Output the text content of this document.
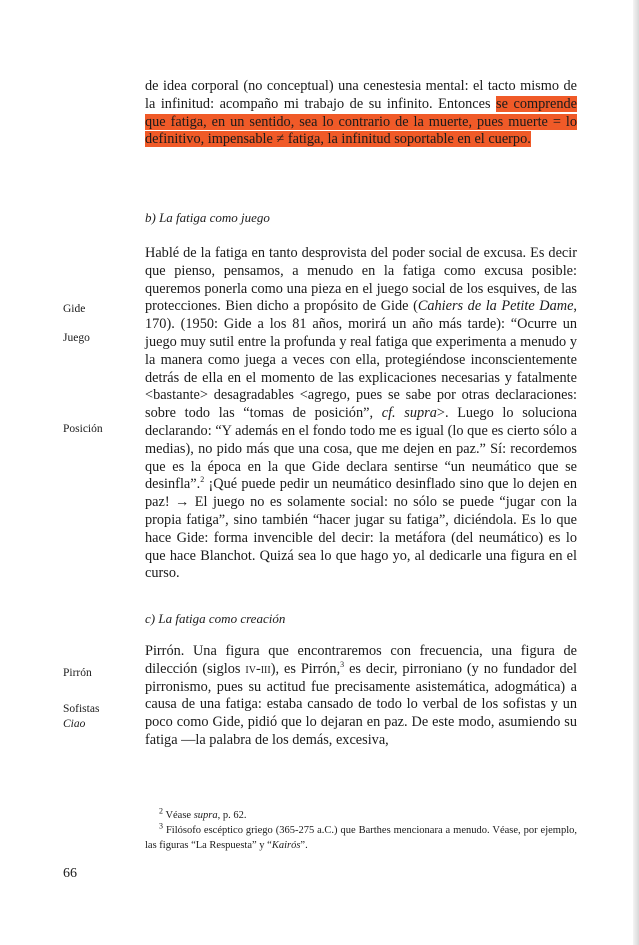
de idea corporal (no conceptual) una cenestesia mental: el tacto mismo de la infinitud: acompaño mi trabajo de su infinito. Entonces se comprende que fatiga, en un sentido, sea lo contrario de la muerte, pues muerte = lo definitivo, impensable ≠ fatiga, la infinitud soportable en el cuerpo.

b) La fatiga como juego

Hablé de la fatiga en tanto desprovista del poder social de excusa. Es decir que pienso, pensamos, a menudo en la fatiga como excusa posible: queremos ponerla como una pieza en el juego social de los esquives, de las protecciones. Bien dicho a propósito de Gide (Cahiers de la Petite Dame, 170). (1950: Gide a los 81 años, morirá un año más tarde): “Ocurre un juego muy sutil entre la profunda y real fatiga que experimenta a menudo y la manera como juega a veces con ella, protegiéndose inconscientemente detrás de ella en el momento de las explicaciones necesarias y fatalmente <bastante> desagradables <agrego, pues se sabe por otras declaraciones: sobre todo las “tomas de posición”, cf. supra>. Luego lo soluciona declarando: “Y además en el fondo todo me es igual (lo que es cierto sólo a medias), no pido más que una cosa, que me dejen en paz.” Sí: recordemos que es la época en la que Gide declara sentirse “un neumático que se desinfla”.$^2$ ¡Qué puede pedir un neumático desinflado sino que lo dejen en paz! → El juego no es solamente social: no sólo se puede “jugar con la propia fatiga”, sino también “hacer jugar su fatiga”, diciéndola. Es lo que hace Gide: forma invencible del decir: la metáfora (del neumático) es lo que hace Blanchot. Quizá sea lo que hago yo, al dedicarle una figura en el curso.

c) La fatiga como creación

Pirrón. Una figura que encontraremos con frecuencia, una figura de dilección (siglos iv-iii), es Pirrón,$^3$ es decir, pirroniano (y no fundador del pirronismo, pues su actitud fue precisamente asistemática, adogmática) a causa de una fatiga: estaba cansado de todo lo verbal de los sofistas y un poco como Gide, pidió que lo dejaran en paz. De este modo, asumiendo su fatiga —la palabra de los demás, excesiva,

Gide
Juego
Posición
Pirrón
Sofistas
Ciao

$^2$ Véase supra, p. 62.

$^3$ Filósofo escéptico griego (365-275 a.C.) que Barthes mencionara a menudo. Véase, por ejemplo, las figuras “La Respuesta” y “Kairós”.

66
